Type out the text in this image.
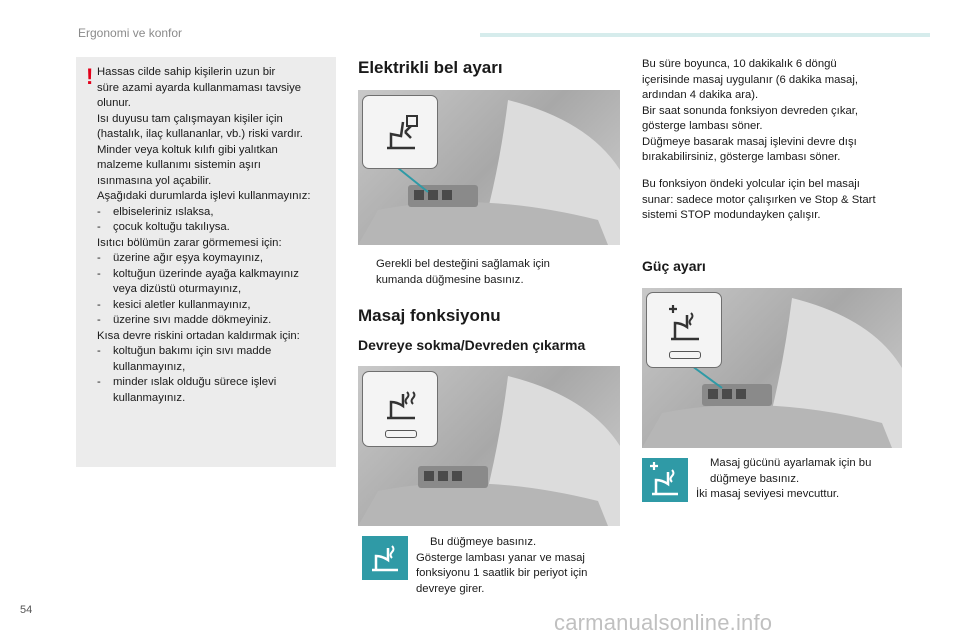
Ergonomi ve konfor
! Hassas cilde sahip kişilerin uzun bir
süre azami ayarda kullanmaması tavsiye
olunur.
Isı duyusu tam çalışmayan kişiler için
(hastalık, ilaç kullananlar, vb.) riski vardır.
Minder veya koltuk kılıfı gibi yalıtkan
malzeme kullanımı sistemin aşırı
ısınmasına yol açabilir.
Aşağıdaki durumlarda işlevi kullanmayınız:
- elbiseleriniz ıslaksa,
- çocuk koltuğu takılıysa.
Isıtıcı bölümün zarar görmemesi için:
- üzerine ağır eşya koymayınız,
- koltuğun üzerinde ayağa kalkmayınız
veya dizüstü oturmayınız,
- kesici aletler kullanmayınız,
- üzerine sıvı madde dökmeyiniz.
Kısa devre riskini ortadan kaldırmak için:
- koltuğun bakımı için sıvı madde
kullanmayınız,
- minder ıslak olduğu sürece işlevi
kullanmayınız.
Elektrikli bel ayarı
Gerekli bel desteğini sağlamak için
kumanda düğmesine basınız.
Masaj fonksiyonu
Devreye sokma/Devreden çıkarma
Bu düğmeye basınız.
Gösterge lambası yanar ve masaj
fonksiyonu 1 saatlik bir periyot için
devreye girer.
Bu süre boyunca, 10 dakikalık 6 döngü
içerisinde masaj uygulanır (6 dakika masaj,
ardından 4 dakika ara).
Bir saat sonunda fonksiyon devreden çıkar,
gösterge lambası söner.
Düğmeye basarak masaj işlevini devre dışı
bırakabilirsiniz, gösterge lambası söner.
Bu fonksiyon öndeki yolcular için bel masajı
sunar: sadece motor çalışırken ve Stop & Start
sistemi STOP modundayken çalışır.
Güç ayarı
Masaj gücünü ayarlamak için bu
düğmeye basınız.
İki masaj seviyesi mevcuttur.
54	carmanualsonline.info
